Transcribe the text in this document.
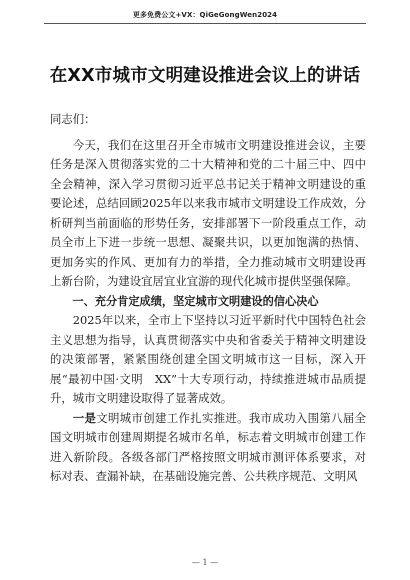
更多免费公文+VX：QiGeGongWen2024
在XX市城市文明建设推进会议上的讲话

同志们：

今天，我们在这里召开全市城市文明建设推进会议，主要任务是深入贯彻落实党的二十大精神和党的二十届三中、四中全会精神，深入学习贯彻习近平总书记关于精神文明建设的重要论述，总结回顾2025年以来我市城市文明建设工作成效，分析研判当前面临的形势任务，安排部署下一阶段重点工作，动员全市上下进一步统一思想、凝聚共识，以更加饱满的热情、更加务实的作风、更加有力的举措，全力推动城市文明建设再上新台阶，为建设宜居宜业宜游的现代化城市提供坚强保障。

一、充分肯定成绩，坚定城市文明建设的信心决心

2025年以来，全市上下坚持以习近平新时代中国特色社会主义思想为指导，认真贯彻落实中央和省委关于精神文明建设的决策部署，紧紧围绕创建全国文明城市这一目标，深入开展“最初中国·文明　XX”十大专项行动，持续推进城市品质提升，城市文明建设取得了显著成效。

一是文明城市创建工作扎实推进。我市成功入围第八届全国文明城市创建周期提名城市名单，标志着文明城市创建工作进入新阶段。各级各部门严格按照文明城市测评体系要求，对标对表、查漏补缺，在基础设施完善、公共秩序规范、文明风

— 1 —
